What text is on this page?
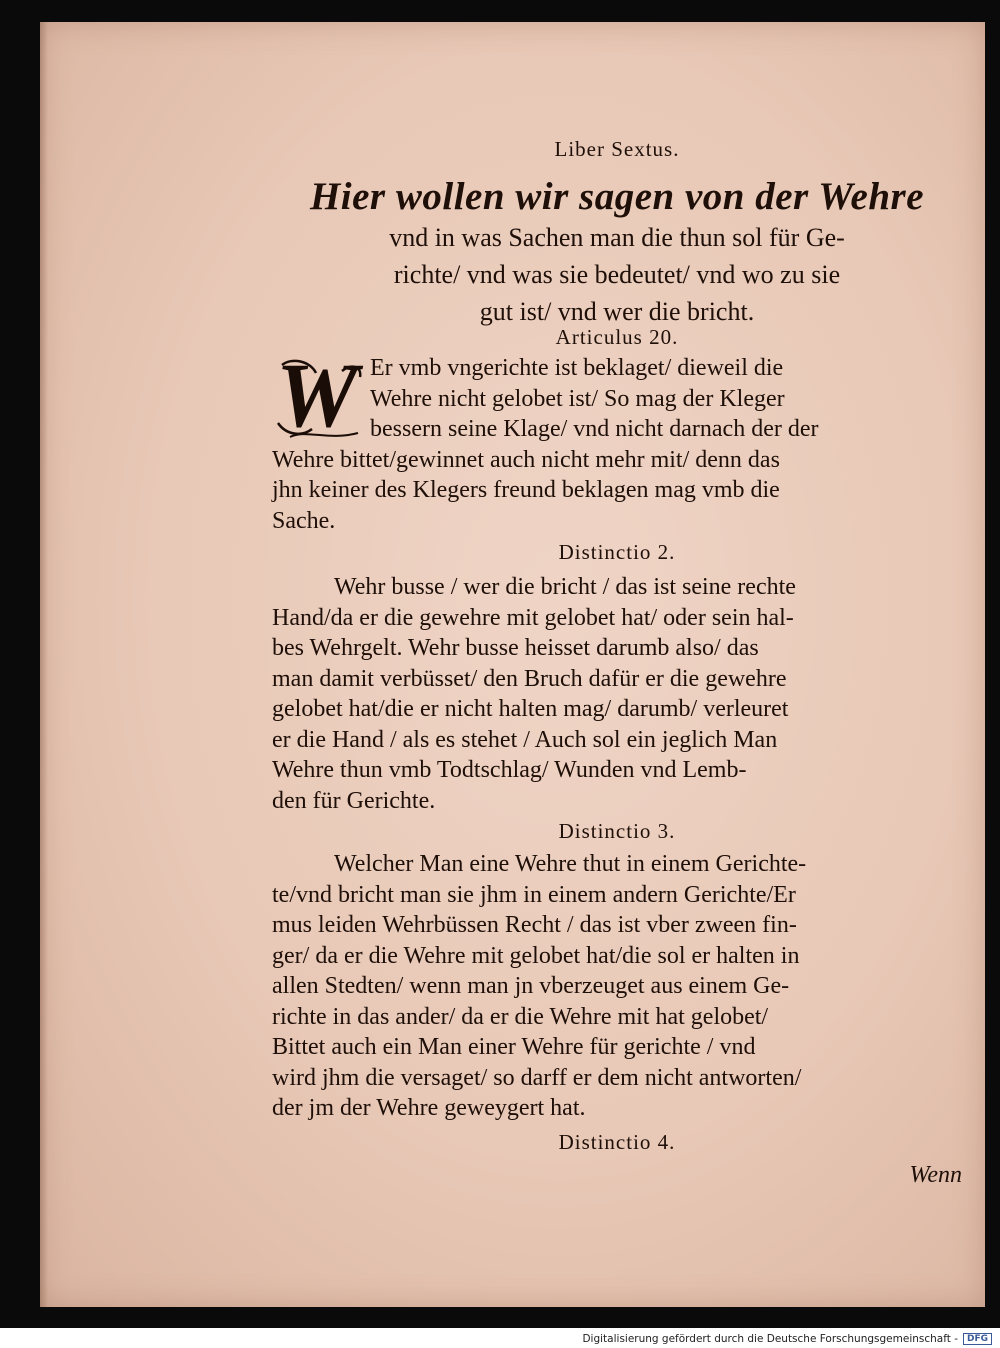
Liber Sextus.
Hier wollen wir sagen von der Wehre
vnd in was Sachen man die thun sol für Ge-
richte/ vnd was sie bedeutet/ vnd wo zu sie
gut ist/ vnd wer die bricht.
Articulus 20.
W Er vmb vngerichte ist beklaget/ dieweil die
Wehre nicht gelobet ist/ So mag der Kleger
bessern seine Klage/ vnd nicht darnach der der
Wehre bittet/gewinnet auch nicht mehr mit/ denn das
jhn keiner des Klegers freund beklagen mag vmb die
Sache.
Distinctio 2.
Wehr busse / wer die bricht / das ist seine rechte
Hand/da er die gewehre mit gelobet hat/ oder sein hal-
bes Wehrgelt. Wehr busse heisset darumb also/ das
man damit verbüsset/ den Bruch dafür er die gewehre
gelobet hat/die er nicht halten mag/ darumb/ verleuret
er die Hand / als es stehet / Auch sol ein jeglich Man
Wehre thun vmb Todtschlag/ Wunden vnd Lemb-
den für Gerichte.
Distinctio 3.
Welcher Man eine Wehre thut in einem Gerichte-
te/vnd bricht man sie jhm in einem andern Gerichte/Er
mus leiden Wehrbüssen Recht / das ist vber zween fin-
ger/ da er die Wehre mit gelobet hat/die sol er halten in
allen Stedten/ wenn man jn vberzeuget aus einem Ge-
richte in das ander/ da er die Wehre mit hat gelobet/
Bittet auch ein Man einer Wehre für gerichte / vnd
wird jhm die versaget/ so darff er dem nicht antworten/
der jm der Wehre geweygert hat.
Distinctio 4.
Wenn
Digitalisierung gefördert durch die Deutsche Forschungsgemeinschaft - DFG
